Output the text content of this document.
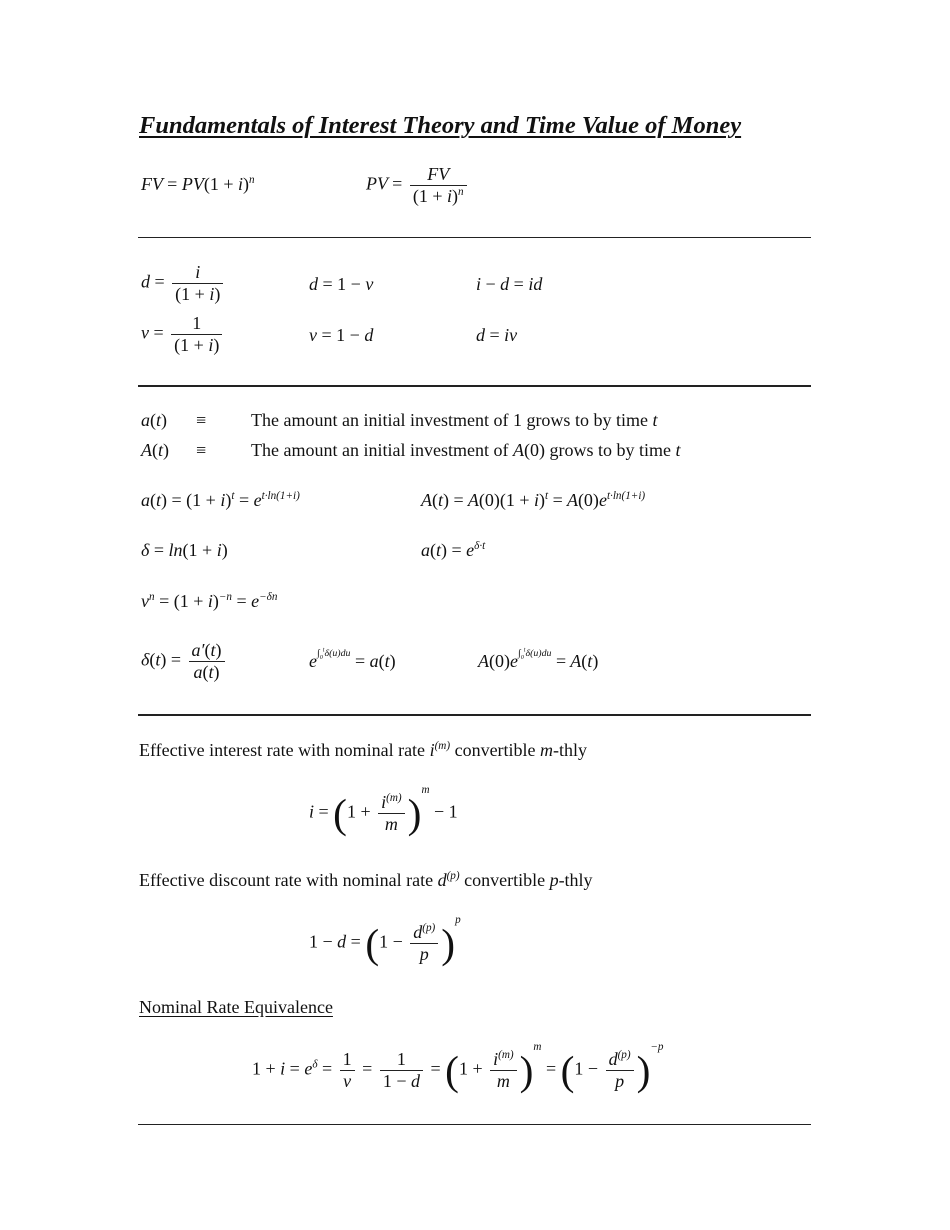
Fundamentals of Interest Theory and Time Value of Money
FV = $PV(1 + i)^n$	PV = $\frac{FV}{(1 + i)^n}$
$d = \frac{i}{(1 + i)}$	d = 1 − v	i − d = id
$v = \frac{1}{(1 + i)}$	v = 1 − d	d = iv
a(t) ≡ The amount an initial investment of 1 grows to by time t
A(t) ≡ The amount an initial investment of A(0) grows to by time t
$a(t) = (1 + i)^t = e^{t\cdot ln(1+i)}$	$A(t) = A(0)(1 + i)^t = A(0)e^{t\cdot ln(1+i)}$
δ = ln(1 + i)	$a(t) = e^{\delta\cdot t}$
$v^n = (1 + i)^{-n} = e^{-\delta n}$
$\delta(t) = \frac{a'(t)}{a(t)}$	$e^{\int_0^t\delta(u)du} = a(t)$	$A(0)e^{\int_0^t\delta(u)du} = A(t)$
Effective interest rate with nominal rate $i^{(m)}$ convertible m-thly
$i = (1 + \frac{i^{(m)}}{m} )^m - 1$
Effective discount rate with nominal rate $d^{(p)}$ convertible p-thly
$1 - d = (1 - \frac{d^{(p)}}{p} )^p$
Nominal Rate Equivalence
$1 + i = e^\delta = \frac{1}{v} = \frac{1}{1 - d} = (1 + \frac{i^{(m)}}{m} )^m = (1 - \frac{d^{(p)}}{p} )^{-p}$
